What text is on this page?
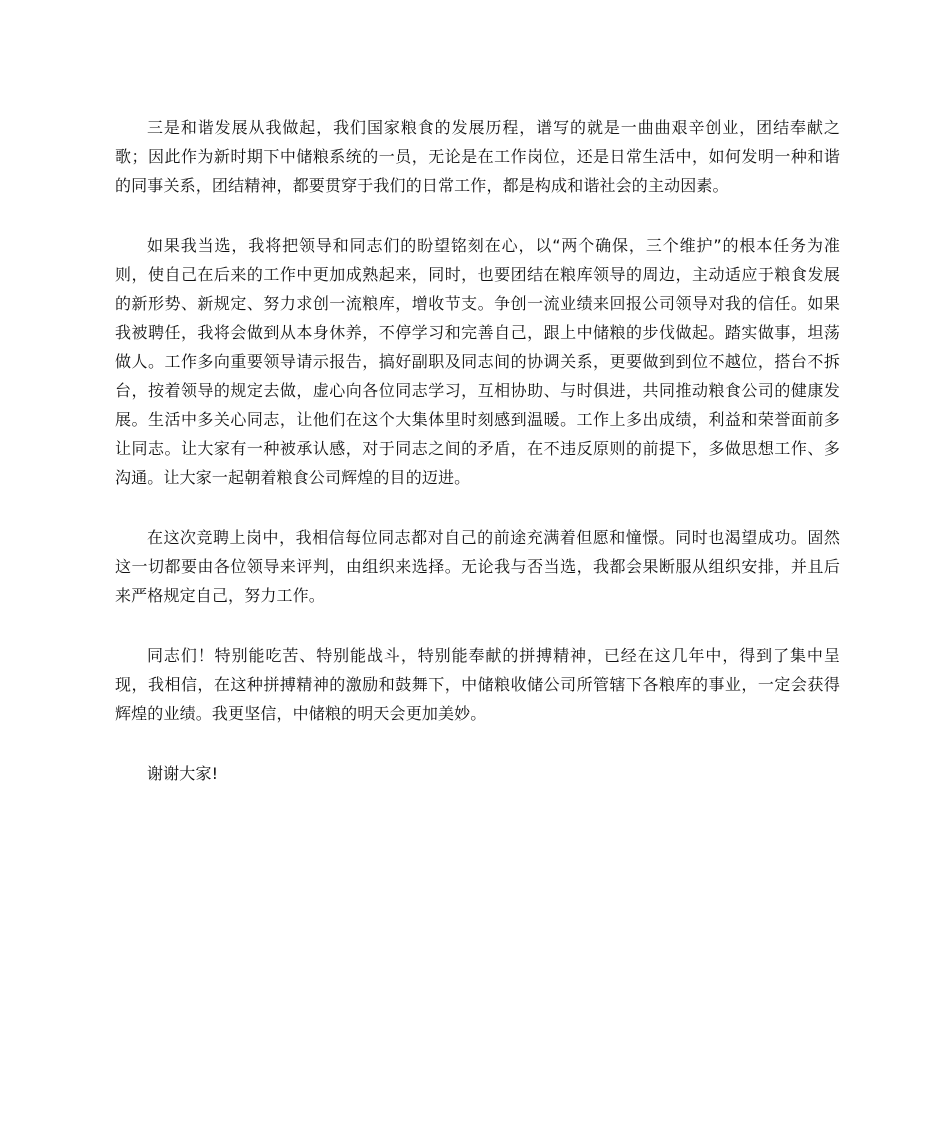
三是和谐发展从我做起，我们国家粮食的发展历程，谱写的就是一曲曲艰辛创业，团结奉献之歌；因此作为新时期下中储粮系统的一员，无论是在工作岗位，还是日常生活中，如何发明一种和谐的同事关系，团结精神，都要贯穿于我们的日常工作，都是构成和谐社会的主动因素。

如果我当选，我将把领导和同志们的盼望铭刻在心，以“两个确保，三个维护”的根本任务为准则，使自己在后来的工作中更加成熟起来，同时，也要团结在粮库领导的周边，主动适应于粮食发展的新形势、新规定、努力求创一流粮库，增收节支。争创一流业绩来回报公司领导对我的信任。如果我被聘任，我将会做到从本身休养，不停学习和完善自己，跟上中储粮的步伐做起。踏实做事，坦荡做人。工作多向重要领导请示报告，搞好副职及同志间的协调关系，更要做到到位不越位，搭台不拆台，按着领导的规定去做，虚心向各位同志学习，互相协助、与时俱进，共同推动粮食公司的健康发展。生活中多关心同志，让他们在这个大集体里时刻感到温暖。工作上多出成绩，利益和荣誉面前多让同志。让大家有一种被承认感，对于同志之间的矛盾，在不违反原则的前提下，多做思想工作、多沟通。让大家一起朝着粮食公司辉煌的目的迈进。

在这次竞聘上岗中，我相信每位同志都对自己的前途充满着但愿和憧憬。同时也渴望成功。固然这一切都要由各位领导来评判，由组织来选择。无论我与否当选，我都会果断服从组织安排，并且后来严格规定自己，努力工作。

同志们！特别能吃苦、特别能战斗，特别能奉献的拼搏精神，已经在这几年中，得到了集中呈现，我相信，在这种拼搏精神的激励和鼓舞下，中储粮收储公司所管辖下各粮库的事业，一定会获得辉煌的业绩。我更坚信，中储粮的明天会更加美妙。

谢谢大家!
